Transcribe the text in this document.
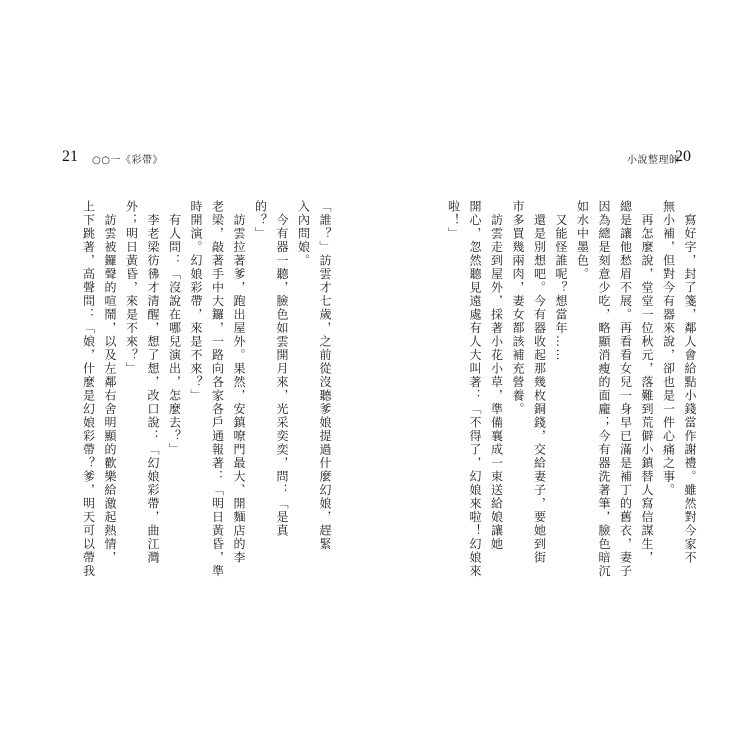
21 ○○一《彩帶》	小說整理師
20

「誰？」訪雲才七歲，之前從沒聽爹娘提過什麼幻娘，趕緊

入內問娘。

　今有器一聽，臉色如雲開月來，光采奕奕，問：「是真

的？」

　訪雲拉著爹，跑出屋外。果然，安鎮嘹門最大、開麵店的李

老梁，敲著手中大鑼，一路向各家各戶通報著：「明日黃昏，準

時開演。幻娘彩帶，來是不來？」

　有人問：「沒說在哪兒演出，怎麼去？」

　李老梁彷彿才清醒，想了想，改口說：「幻娘彩帶，曲江灣

外；明日黃昏，來是不來？」

　訪雲被鑼聲的喧鬧，以及左鄰右舍明顯的歡樂給激起熱情，

上下跳著，高聲問：「娘，什麼是幻娘彩帶？爹，明天可以帶我	　寫好字，封了箋，鄰人會給點小錢當作謝禮。雖然對今家不

無小補，但對今有器來說，卻也是一件心痛之事。

　再怎麼說，堂堂一位秋元，落難到荒僻小鎮替人寫信謀生，

總是讓他愁眉不展。再看看女兒一身早已滿是補丁的舊衣，妻子

因為總是刻意少吃，略顯消瘦的面龐；今有器洗著筆，臉色暗沉

如水中墨色。

　又能怪誰呢？想當年……

　還是別想吧。今有器收起那幾枚銅錢，交給妻子，要她到街

市多買幾兩肉，妻女都該補充營養。

　訪雲走到屋外，採著小花小草，準備襄成一束送給娘讓她

開心，忽然聽見遠處有人大叫著：「不得了，幻娘來啦！幻娘來

啦！」
